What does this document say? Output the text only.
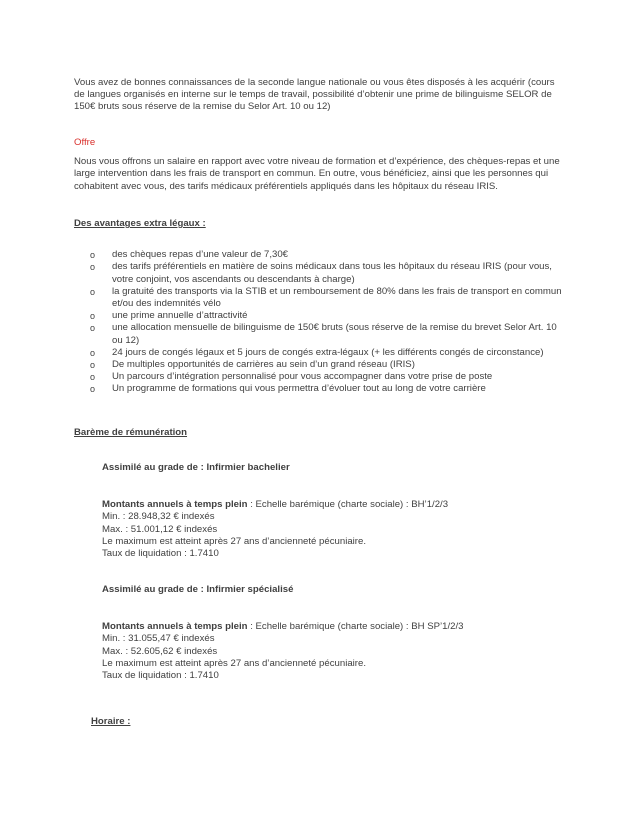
Vous avez de bonnes connaissances de la seconde langue nationale ou vous êtes disposés à les acquérir (cours de langues organisés en interne sur le temps de travail, possibilité d’obtenir une prime de bilinguisme SELOR de 150€ bruts sous réserve de la remise du Selor Art. 10 ou 12)

Offre

Nous vous offrons un salaire en rapport avec votre niveau de formation et d’expérience, des chèques-repas et une large intervention dans les frais de transport en commun. En outre, vous bénéficiez, ainsi que les personnes qui cohabitent avec vous, des tarifs médicaux préférentiels appliqués dans les hôpitaux du réseau IRIS.

Des avantages extra légaux :

o des chèques repas d’une valeur de 7,30€
o des tarifs préférentiels en matière de soins médicaux dans tous les hôpitaux du réseau IRIS (pour vous, votre conjoint, vos ascendants ou descendants à charge)
o la gratuité des transports via la STIB et un remboursement de 80% dans les frais de transport en commun et/ou des indemnités vélo
o une prime annuelle d’attractivité
o une allocation mensuelle de bilinguisme de 150€ bruts (sous réserve de la remise du brevet Selor Art. 10 ou 12)
o 24 jours de congés légaux et 5 jours de congés extra-légaux (+ les différents congés de circonstance)
o De multiples opportunités de carrières au sein d’un grand réseau (IRIS)
o Un parcours d’intégration personnalisé pour vous accompagner dans votre prise de poste
o Un programme de formations qui vous permettra d’évoluer tout au long de votre carrière

Barème de rémunération

Assimilé au grade de : Infirmier bachelier

Montants annuels à temps plein : Echelle barémique (charte sociale) : BH’1/2/3

Min. : 28.948,32 € indexés

Max. : 51.001,12 € indexés

Le maximum est atteint après 27 ans d’ancienneté pécuniaire.

Taux de liquidation : 1.7410

Assimilé au grade de : Infirmier spécialisé

Montants annuels à temps plein : Echelle barémique (charte sociale) : BH SP’1/2/3

Min. : 31.055,47 € indexés

Max. : 52.605,62 € indexés

Le maximum est atteint après 27 ans d’ancienneté pécuniaire.

Taux de liquidation : 1.7410

Horaire :
